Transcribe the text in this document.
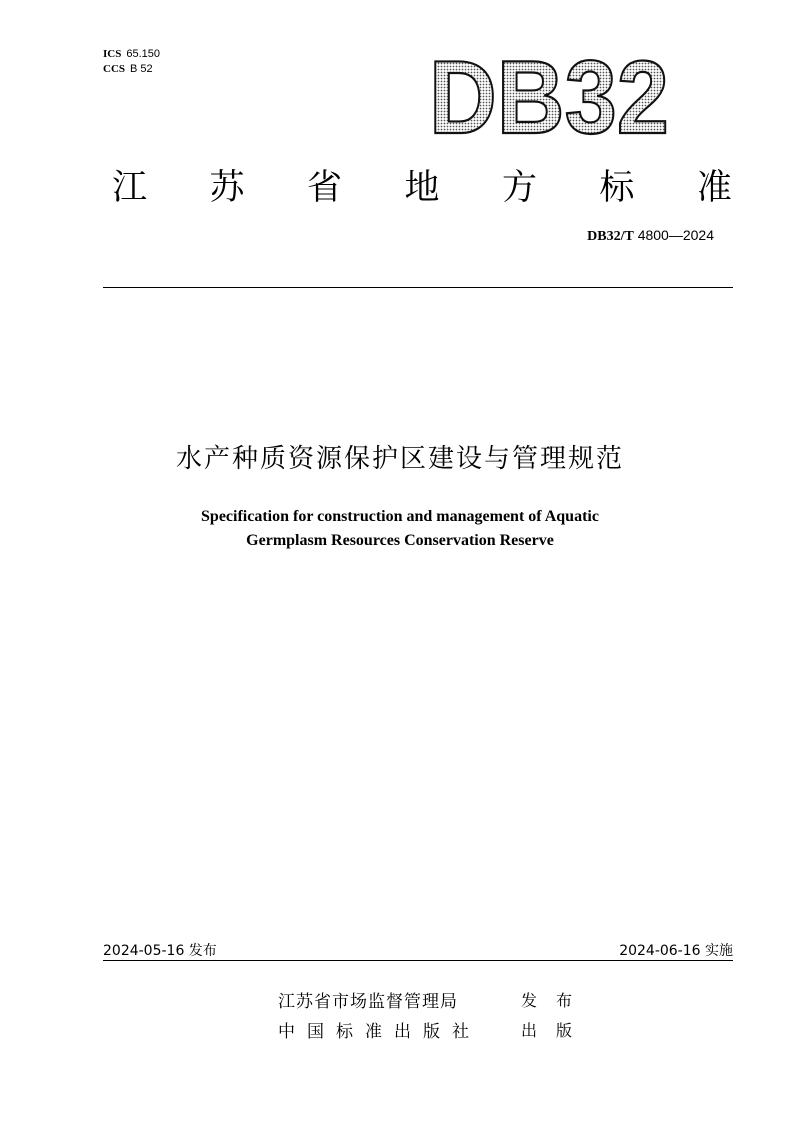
ICS 65.150
CCS B 52	DB32
江 苏 省 地 方 标 准
DB32/T 4800—2024
水产种质资源保护区建设与管理规范
Specification for construction and management of Aquatic
Germplasm Resources Conservation Reserve
2024-05-16 发布	2024-06-16 实施
江苏省市场监督管理局	发布
中国标准出版社	出版
